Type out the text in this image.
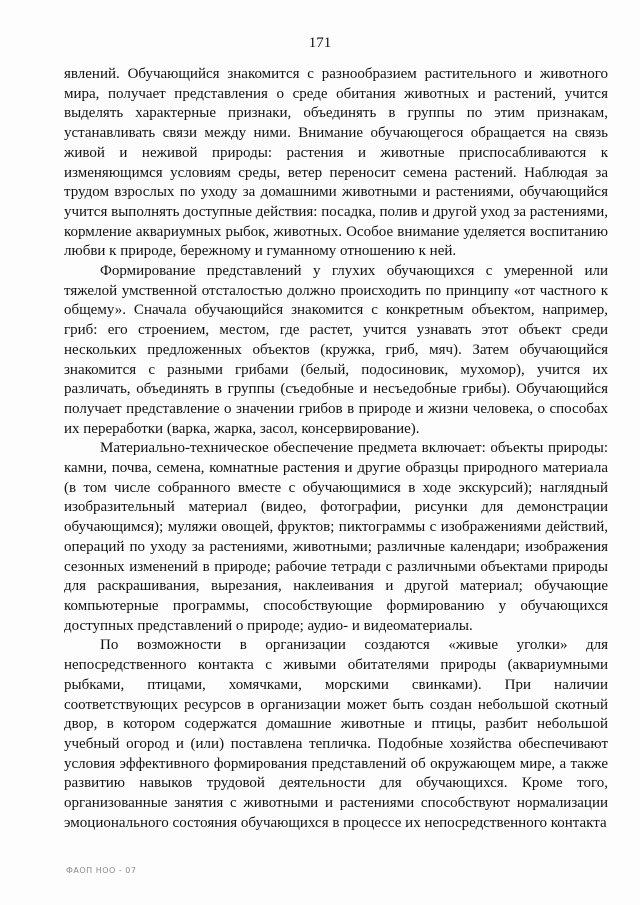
171

явлений. Обучающийся знакомится с разнообразием растительного и животного мира, получает представления о среде обитания животных и растений, учится выделять характерные признаки, объединять в группы по этим признакам, устанавливать связи между ними. Внимание обучающегося обращается на связь живой и неживой природы: растения и животные приспосабливаются к изменяющимся условиям среды, ветер переносит семена растений. Наблюдая за трудом взрослых по уходу за домашними животными и растениями, обучающийся учится выполнять доступные действия: посадка, полив и другой уход за растениями, кормление аквариумных рыбок, животных. Особое внимание уделяется воспитанию любви к природе, бережному и гуманному отношению к ней.

Формирование представлений у глухих обучающихся с умеренной или тяжелой умственной отсталостью должно происходить по принципу «от частного к общему». Сначала обучающийся знакомится с конкретным объектом, например, гриб: его строением, местом, где растет, учится узнавать этот объект среди нескольких предложенных объектов (кружка, гриб, мяч). Затем обучающийся знакомится с разными грибами (белый, подосиновик, мухомор), учится их различать, объединять в группы (съедобные и несъедобные грибы). Обучающийся получает представление о значении грибов в природе и жизни человека, о способах их переработки (варка, жарка, засол, консервирование).

Материально-техническое обеспечение предмета включает: объекты природы: камни, почва, семена, комнатные растения и другие образцы природного материала (в том числе собранного вместе с обучающимися в ходе экскурсий); наглядный изобразительный материал (видео, фотографии, рисунки для демонстрации обучающимся); муляжи овощей, фруктов; пиктограммы с изображениями действий, операций по уходу за растениями, животными; различные календари; изображения сезонных изменений в природе; рабочие тетради с различными объектами природы для раскрашивания, вырезания, наклеивания и другой материал; обучающие компьютерные программы, способствующие формированию у обучающихся доступных представлений о природе; аудио- и видеоматериалы.

По возможности в организации создаются «живые уголки» для непосредственного контакта с живыми обитателями природы (аквариумными рыбками, птицами, хомячками, морскими свинками). При наличии соответствующих ресурсов в организации может быть создан небольшой скотный двор, в котором содержатся домашние животные и птицы, разбит небольшой учебный огород и (или) поставлена тепличка. Подобные хозяйства обеспечивают условия эффективного формирования представлений об окружающем мире, а также развитию навыков трудовой деятельности для обучающихся. Кроме того, организованные занятия с животными и растениями способствуют нормализации эмоционального состояния обучающихся в процессе их непосредственного контакта

ФАОП НОО - 07
